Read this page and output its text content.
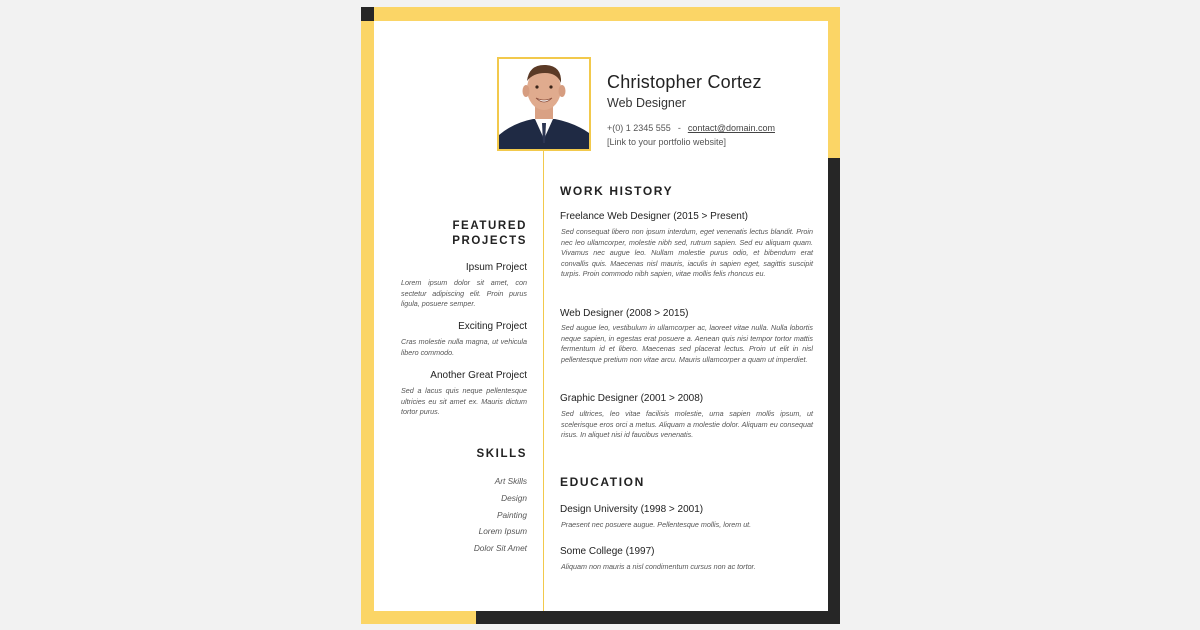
Christopher Cortez
Web Designer
+(0) 1 2345 555 - contact@domain.com
[Link to your portfolio website]
FEATURED
PROJECTS
Ipsum Project
Lorem ipsum dolor sit amet, con sectetur adipiscing elit. Proin purus ligula, posuere semper.
Exciting Project
Cras molestie nulla magna, ut vehicula libero commodo.
Another Great Project
Sed a lacus quis neque pellentesque ultricies eu sit amet ex. Mauris dictum tortor purus.
SKILLS
Art Skills
Design
Painting
Lorem Ipsum
Dolor Sit Amet
WORK HISTORY
Freelance Web Designer (2015 > Present)
Sed consequat libero non ipsum interdum, eget venenatis lectus blandit. Proin nec leo ullamcorper, molestie nibh sed, rutrum sapien. Sed eu aliquam quam. Vivamus nec augue leo. Nullam molestie purus odio, et bibendum erat convallis quis. Maecenas nisl mauris, iaculis in sapien eget, sagittis suscipit turpis. Proin commodo nibh sapien, vitae mollis felis rhoncus eu.
Web Designer (2008 > 2015)
Sed augue leo, vestibulum in ullamcorper ac, laoreet vitae nulla. Nulla lobortis neque sapien, in egestas erat posuere a. Aenean quis nisi tempor tortor mattis fermentum id et libero. Maecenas sed placerat lectus. Proin ut elit in nisl pellentesque pretium non vitae arcu. Mauris ullamcorper a quam ut imperdiet.
Graphic Designer (2001 > 2008)
Sed ultrices, leo vitae facilisis molestie, urna sapien mollis ipsum, ut scelerisque eros orci a metus. Aliquam a molestie dolor. Aliquam eu consequat risus. In aliquet nisi id faucibus venenatis.
EDUCATION
Design University (1998 > 2001)
Praesent nec posuere augue. Pellentesque mollis, lorem ut.
Some College (1997)
Aliquam non mauris a nisl condimentum cursus non ac tortor.
